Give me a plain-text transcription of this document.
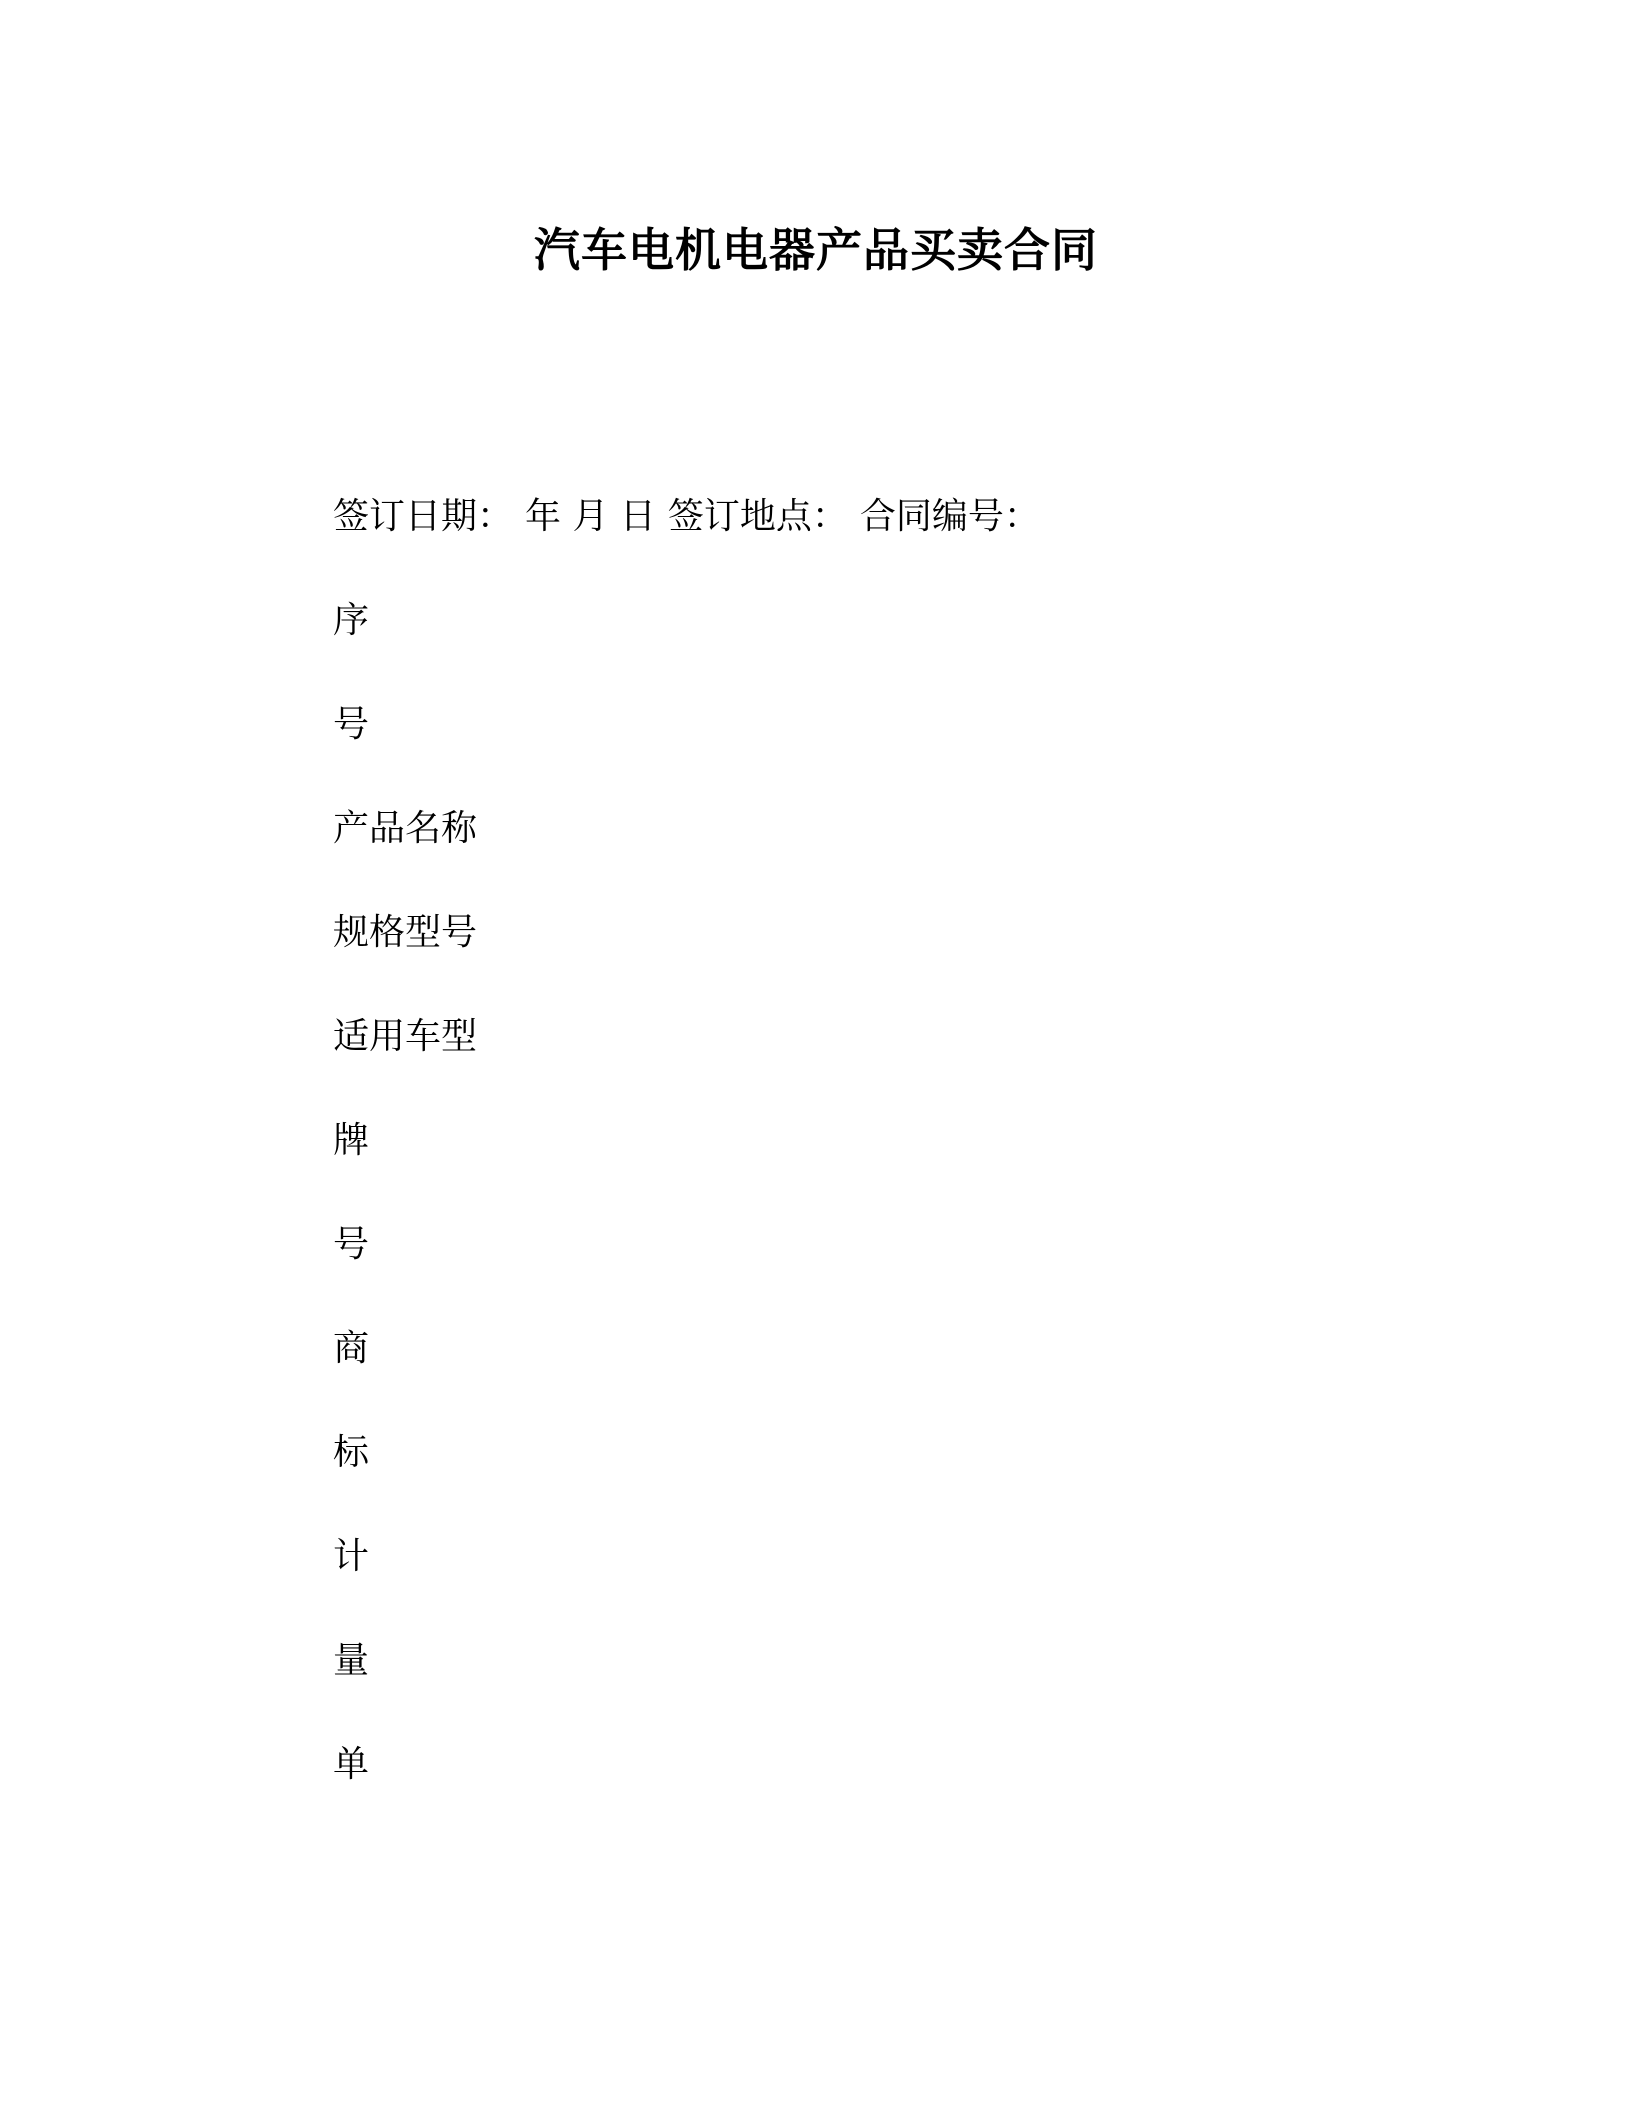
汽车电机电器产品买卖合同
签订日期： 年 月 日 签订地点： 合同编号：
序
号
产品名称
规格型号
适用车型
牌
号
商
标
计
量
单
